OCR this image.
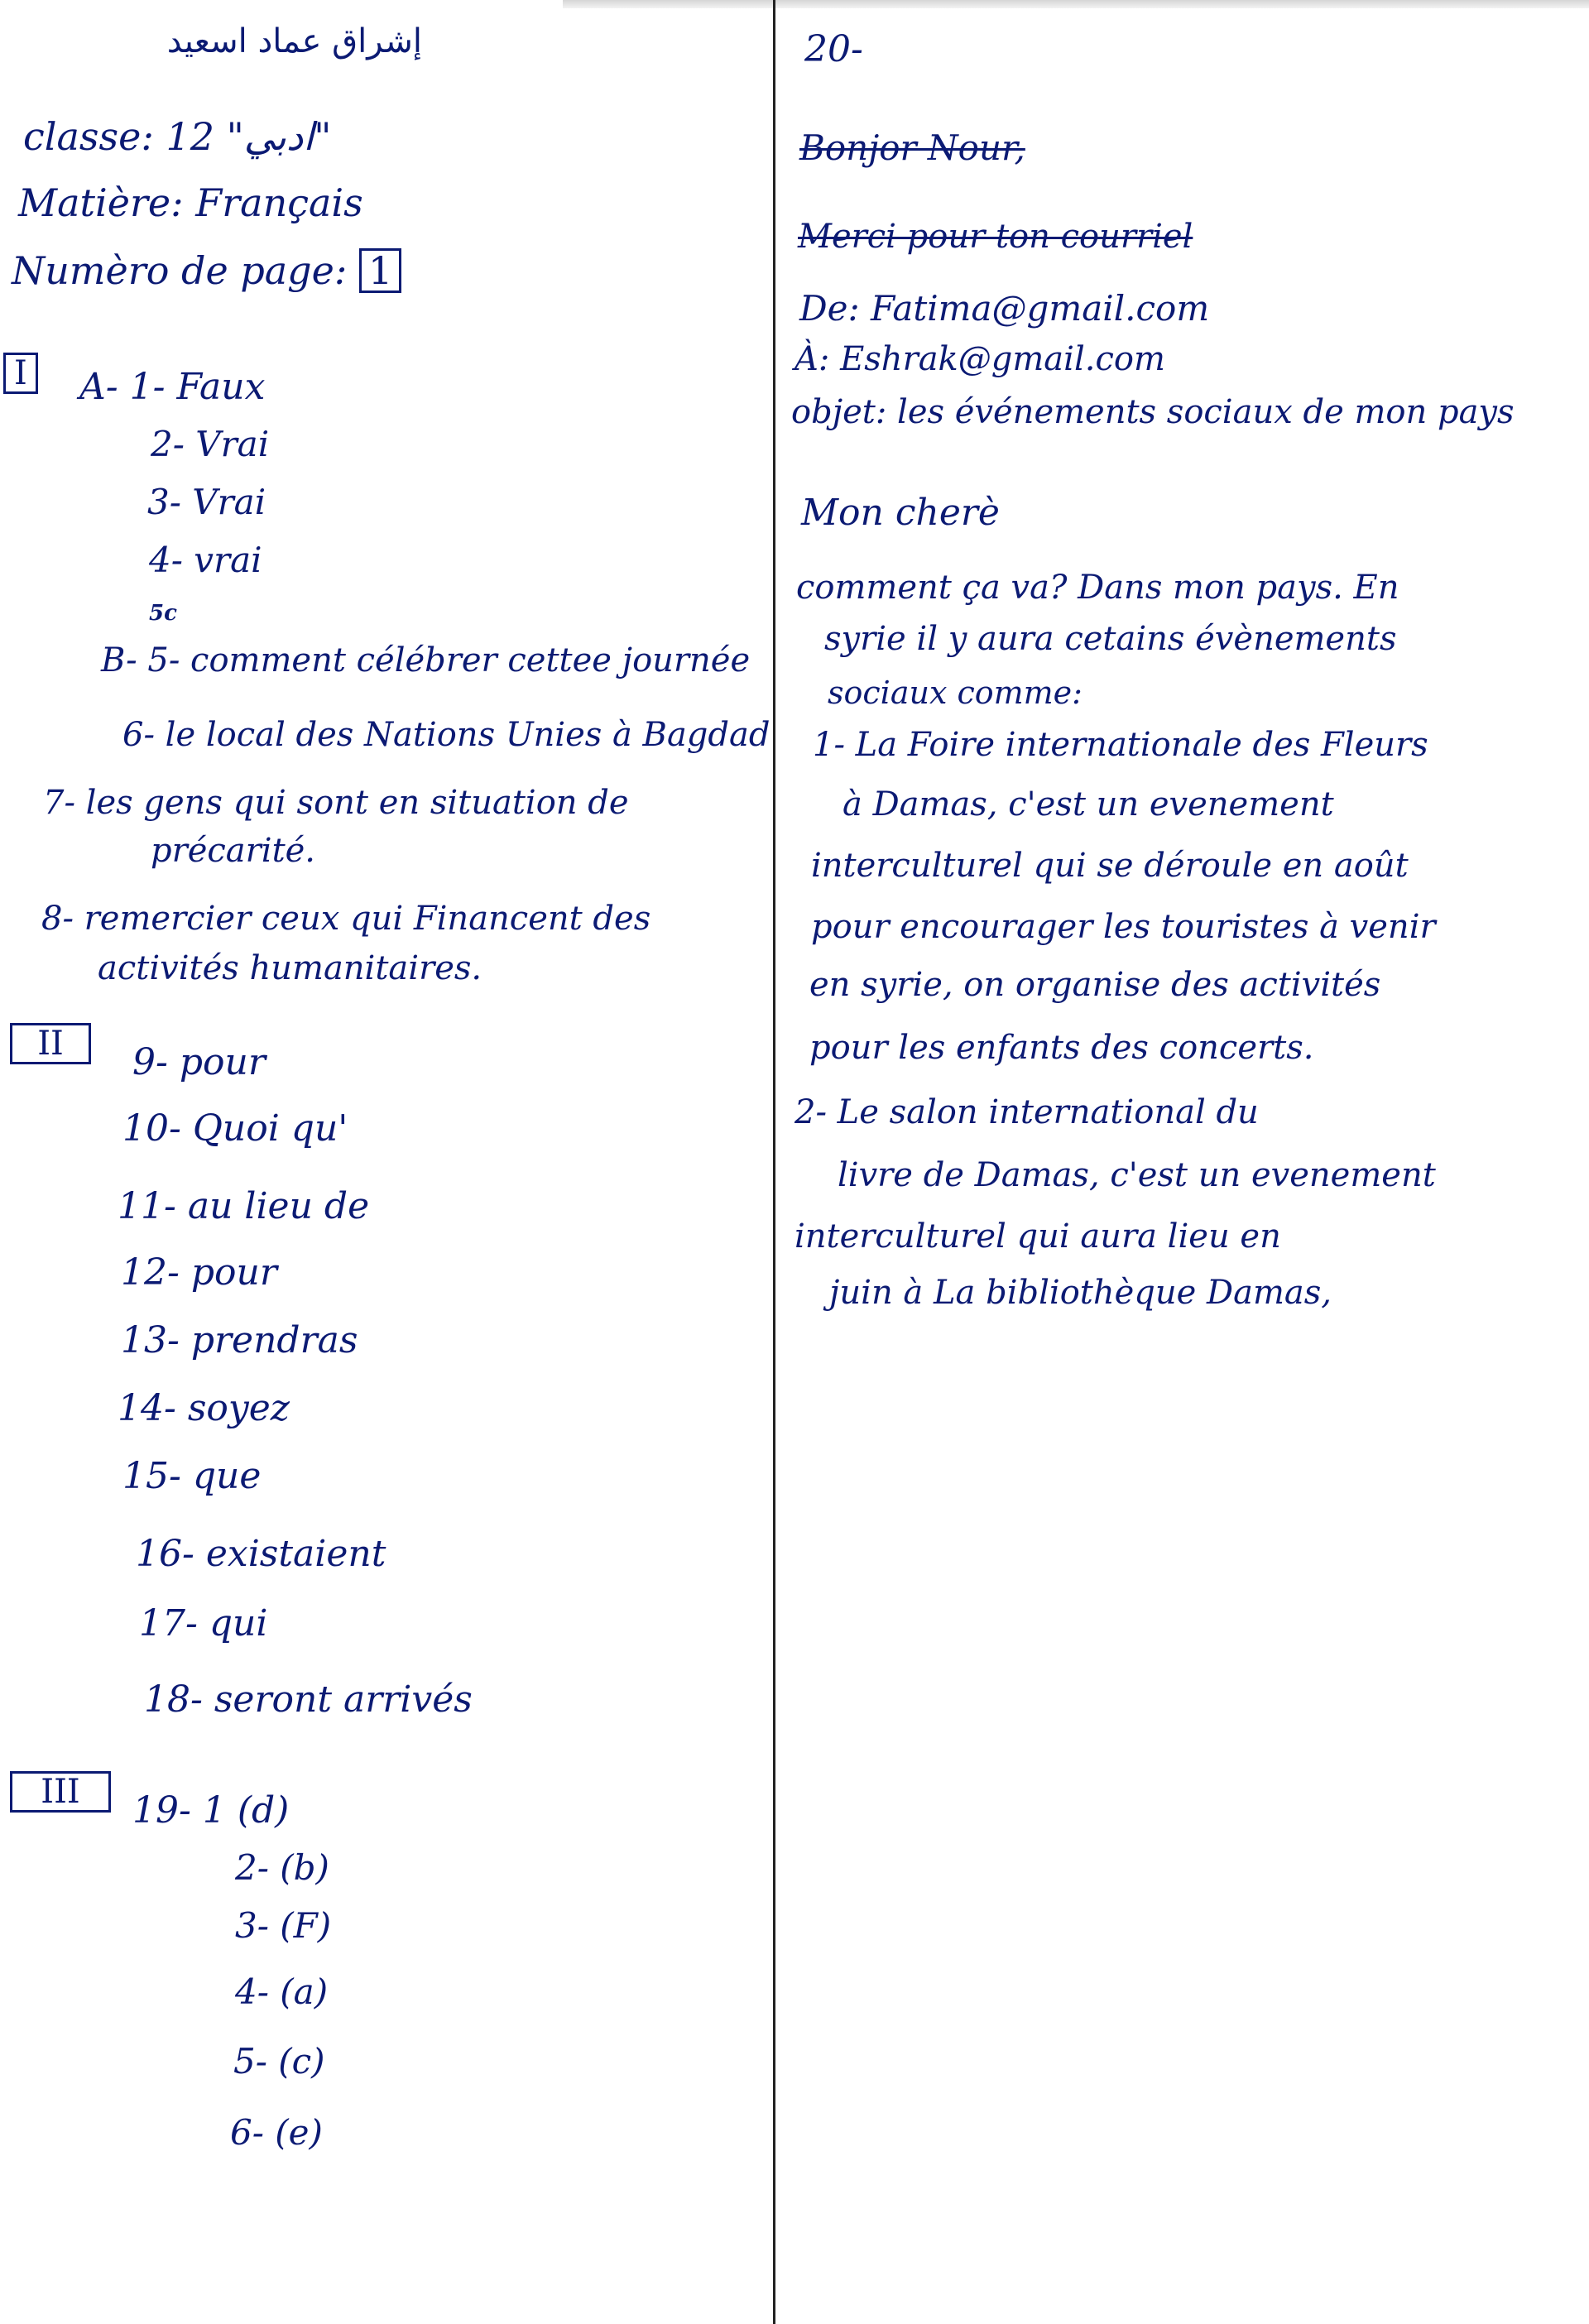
إشراق عماد اسعيد
classe: 12 "ادبي"
Matière: Français
Numèro de page: 1
I A- 1- Faux
2- Vrai
3- Vrai
4- vrai
5c
B- 5- comment célébrer cettee journée
6- le local des Nations Unies à Bagdad
7- les gens qui sont en situation de
précarité.
8- remercier ceux qui Financent des
activités humanitaires.
II	9- pour
10- Quoi qu'
11- au lieu de
12- pour
13- prendras
14- soyez
15- que
16- existaient
17- qui
18- seront arrivés
III	19- 1 (d)
2- (b)
3- (F)
4- (a)
5- (c)
6- (e)
20-
Bonjor Nour,
Merci pour ton courriel
De: Fatima@gmail.com
À: Eshrak@gmail.com
objet: les événements sociaux de mon pays
Mon cherè
comment ça va? Dans mon pays. En
syrie il y aura cetains évènements
sociaux comme:
1- La Foire internationale des Fleurs
à Damas, c'est un evenement
interculturel qui se déroule en août
pour encourager les touristes à venir
en syrie, on organise des activités
pour les enfants des concerts.
2- Le salon international du
livre de Damas, c'est un evenement
interculturel qui aura lieu en
juin à La bibliothèque Damas,
